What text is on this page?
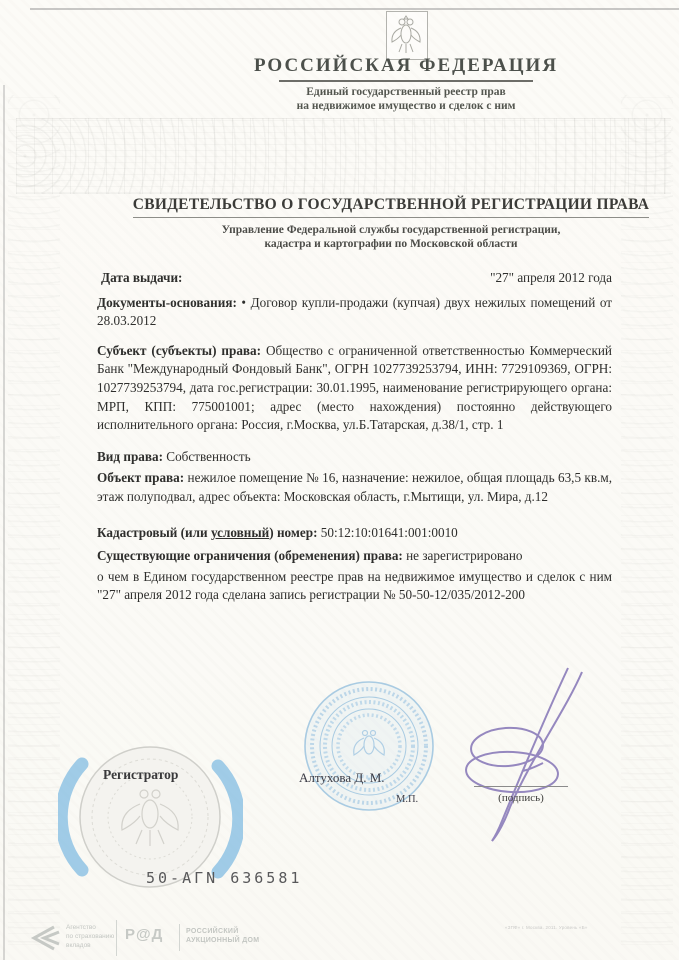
РОССИЙСКАЯ ФЕДЕРАЦИЯ
Единый государственный реестр прав
на недвижимое имущество и сделок с ним
СВИДЕТЕЛЬСТВО О ГОСУДАРСТВЕННОЙ РЕГИСТРАЦИИ ПРАВА
Управление Федеральной службы государственной регистрации,
кадастра и картографии по Московской области
Дата выдачи:	"27" апреля 2012 года

Документы-основания: • Договор купли-продажи (купчая) двух нежилых помещений от 28.03.2012

Субъект (субъекты) права: Общество с ограниченной ответственностью Коммерческий Банк "Международный Фондовый Банк", ОГРН 1027739253794, ИНН: 7729109369, ОГРН: 1027739253794, дата гос.регистрации: 30.01.1995, наименование регистрирующего органа: МРП, КПП: 775001001; адрес (место нахождения) постоянно действующего исполнительного органа: Россия, г.Москва, ул.Б.Татарская, д.38/1, стр. 1

Вид права: Собственность

Объект права: нежилое помещение № 16, назначение: нежилое, общая площадь 63,5 кв.м, этаж полуподвал, адрес объекта: Московская область, г.Мытищи, ул. Мира, д.12

Кадастровый (или условный) номер: 50:12:10:01641:001:0010

Существующие ограничения (обременения) права: не зарегистрировано

о чем в Едином государственном реестре прав на недвижимое имущество и сделок с ним "27" апреля 2012 года сделана запись регистрации № 50-50-12/035/2012-200

Регистратор	Алтухова Д. М.
М.П.	(подпись)
50-АГN 636581
Агентство
по страхованию
вкладов
Р@Д	РОССИЙСКИЙ
АУКЦИОННЫЙ ДОМ
«ЗПФ» г. Москва. 2011. Уровень «Б»
